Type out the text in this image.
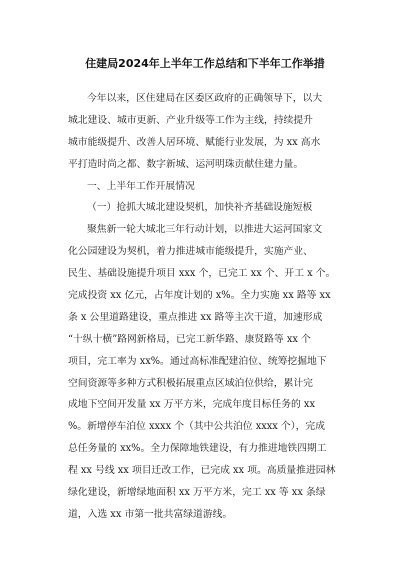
住建局2024年上半年工作总结和下半年工作举措
今年以来，区住建局在区委区政府的正确领导下，以大
城北建设、城市更新、产业升级等工作为主线，持续提升
城市能级提升、改善人居环境、赋能行业发展，为 xx 高水
平打造时尚之都、数字新城、运河明珠贡献住建力量。
一、上半年工作开展情况
（一）抢抓大城北建设契机，加快补齐基础设施短板
聚焦新一轮大城北三年行动计划，以推进大运河国家文
化公园建设为契机，着力推进城市能级提升，实施产业、
民生、基础设施提升项目 xxx 个，已完工 xx 个、开工 x 个。
完成投资 xx 亿元，占年度计划的 x%。全力实施 xx 路等 xx
条 x 公里道路建设，重点推进 xx 路等主次干道，加速形成
“十纵十横”路网新格局，已完工新华路、康贤路等 xx 个
项目，完工率为 xx%。通过高标准配建泊位、统筹挖掘地下
空间资源等多种方式积极拓展重点区域泊位供给，累计完
成地下空间开发量 xx 万平方米，完成年度目标任务的 xx
%。新增停车泊位 xxxx 个（其中公共泊位 xxxx 个），完成
总任务量的 xx%。全力保障地铁建设，有力推进地铁四期工
程 xx 号线 xx 项目迁改工作，已完成 xx 项。高质量推进园林
绿化建设，新增绿地面积 xx 万平方米，完工 xx 等 xx 条绿
道，入选 xx 市第一批共富绿道游线。
